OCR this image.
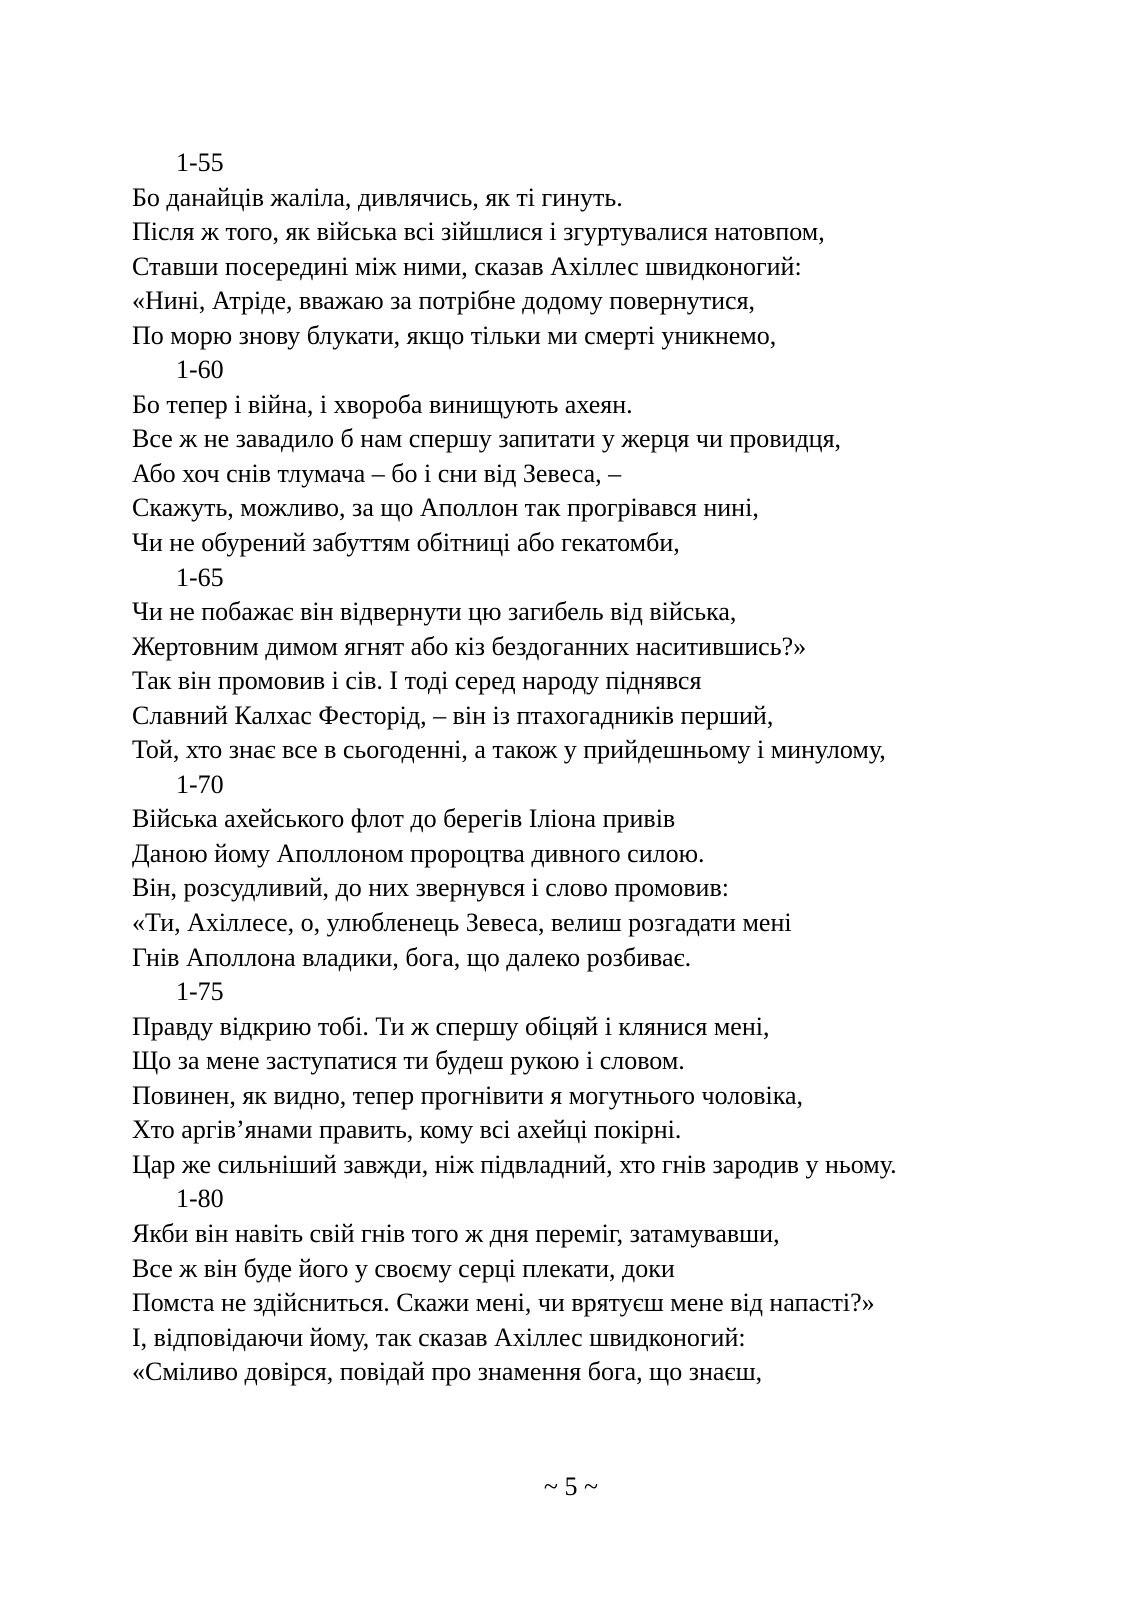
1-55
Бо данайців жаліла, дивлячись, як ті гинуть.
Після ж того, як війська всі зійшлися і згуртувалися натовпом,
Ставши посередині між ними, сказав Ахіллес швидконогий:
«Нині, Атріде, вважаю за потрібне додому повернутися,
По морю знову блукати, якщо тільки ми смерті уникнемо,
1-60
Бо тепер і війна, і хвороба винищують ахеян.
Все ж не завадило б нам спершу запитати у жерця чи провидця,
Або хоч снів тлумача – бо і сни від Зевеса, –
Скажуть, можливо, за що Аполлон так прогрівався нині,
Чи не обурений забуттям обітниці або гекатомби,
1-65
Чи не побажає він відвернути цю загибель від війська,
Жертовним димом ягнят або кіз бездоганних наситившись?»
Так він промовив і сів. І тоді серед народу піднявся
Славний Калхас Фесторід, – він із птахогадників перший,
Той, хто знає все в сьогоденні, а також у прийдешньому і минулому,
1-70
Війська ахейського флот до берегів Іліона привів
Даною йому Аполлоном пророцтва дивного силою.
Він, розсудливий, до них звернувся і слово промовив:
«Ти, Ахіллесе, о, улюбленець Зевеса, велиш розгадати мені
Гнів Аполлона владики, бога, що далеко розбиває.
1-75
Правду відкрию тобі. Ти ж спершу обіцяй і клянися мені,
Що за мене заступатися ти будеш рукою і словом.
Повинен, як видно, тепер прогнівити я могутнього чоловіка,
Хто аргів’янами править, кому всі ахейці покірні.
Цар же сильніший завжди, ніж підвладний, хто гнів зародив у ньому.
1-80
Якби він навіть свій гнів того ж дня переміг, затамувавши,
Все ж він буде його у своєму серці плекати, доки
Помста не здійсниться. Скажи мені, чи врятуєш мене від напасті?»
І, відповідаючи йому, так сказав Ахіллес швидконогий:
«Сміливо довірся, повідай про знамення бога, що знаєш,
~ 5 ~
